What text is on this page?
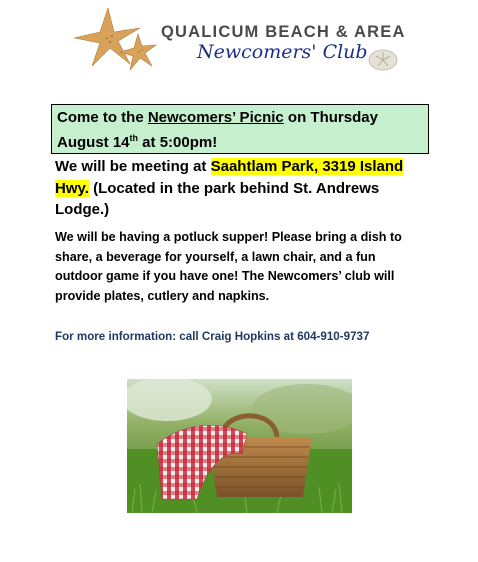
QUALICUM BEACH & AREA
Newcomers' Club
Come to the Newcomers’ Picnic on Thursday August 14th at 5:00pm!
We will be meeting at Saahtlam Park, 3319 Island Hwy. (Located in the park behind St. Andrews Lodge.)
We will be having a potluck supper! Please bring a dish to share, a beverage for yourself, a lawn chair, and a fun outdoor game if you have one! The Newcomers’ club will provide plates, cutlery and napkins.
For more information: call Craig Hopkins at 604-910-9737
